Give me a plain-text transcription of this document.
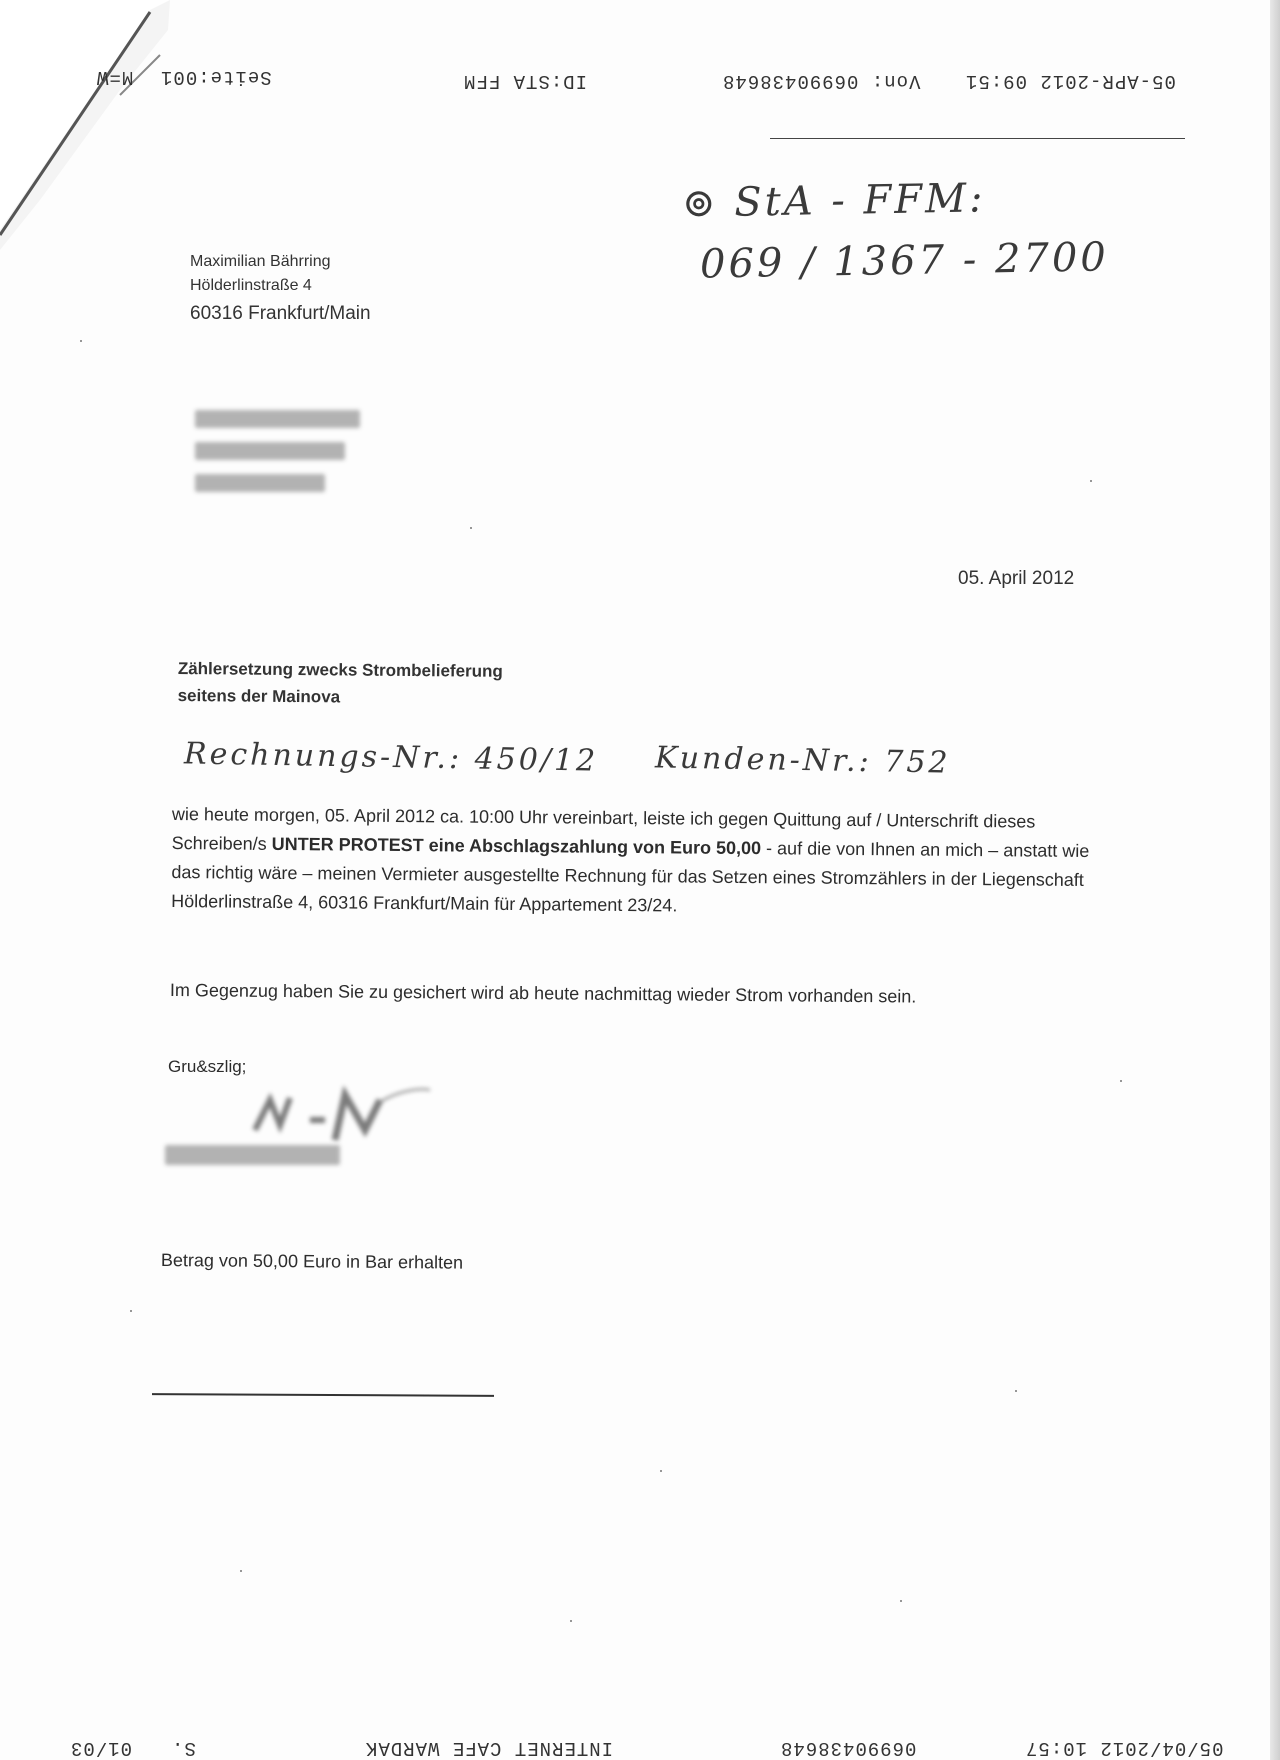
05-APR-2012 09:51
Von: 06990438648
ID:STA FFM
Seite:001
M=W
⊚ StA - FFM:
069 / 1367 - 2700
Maximilian Bährring
Hölderlinstraße 4
60316 Frankfurt/Main
05. April 2012
Zählersetzung zwecks Strombelieferung
seitens der Mainova
Rechnungs-Nr.: 450/12 Kunden-Nr.: 752
wie heute morgen, 05. April 2012 ca. 10:00 Uhr vereinbart, leiste ich gegen Quittung auf / Unterschrift dieses Schreiben/s UNTER PROTEST eine Abschlagszahlung von Euro 50,00 - auf die von Ihnen an mich – anstatt wie das richtig wäre – meinen Vermieter ausgestellte Rechnung für das Setzen eines Stromzählers in der Liegenschaft Hölderlinstraße 4, 60316 Frankfurt/Main für Appartement 23/24.
Im Gegenzug haben Sie zu gesichert wird ab heute nachmittag wieder Strom vorhanden sein.
Gru&szlig;
Betrag von 50,00 Euro in Bar erhalten
05/04/2012 10:57
06990438648
INTERNET CAFE WARDAK
S.
01/03
